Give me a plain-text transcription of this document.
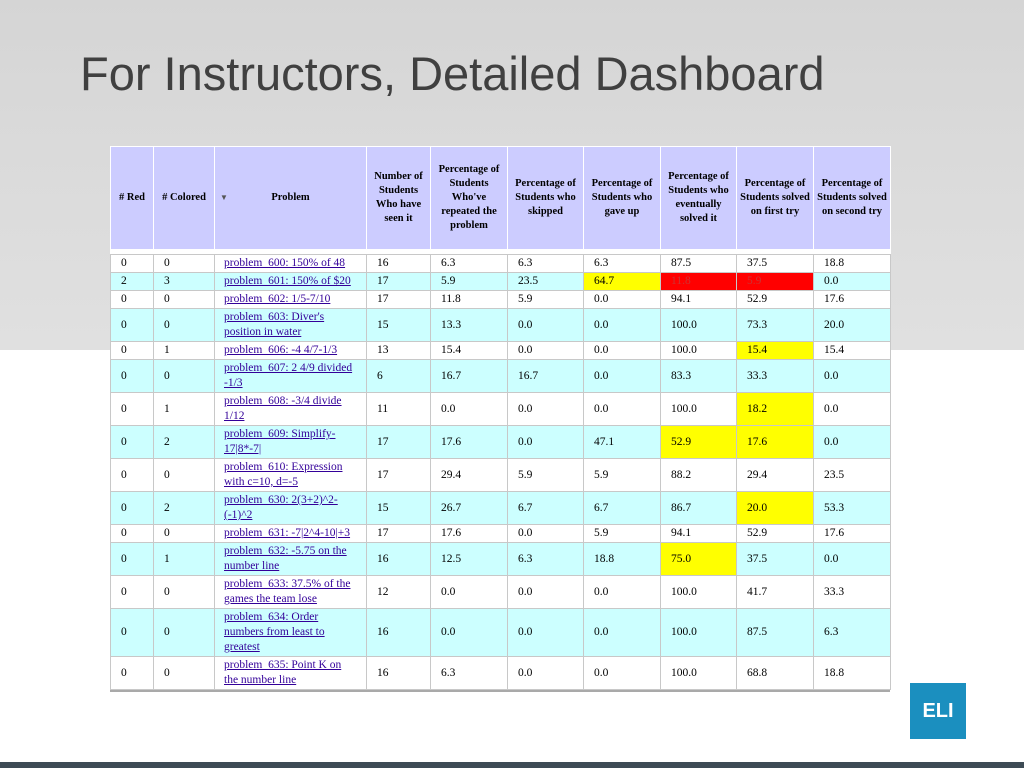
For Instructors, Detailed Dashboard
# Red	# Colored	▼ Problem	Number of Students Who have seen it	Percentage of Students Who've repeated the problem	Percentage of Students who skipped	Percentage of Students who gave up	Percentage of Students who eventually solved it	Percentage of Students solved on first try	Percentage of Students solved on second try

0	0	problem_600: 150% of 48	16	6.3	6.3	6.3	87.5	37.5	18.8
2	3	problem_601: 150% of $20	17	5.9	23.5	64.7	11.8	5.9	0.0
0	0	problem_602: 1/5-7/10	17	11.8	5.9	0.0	94.1	52.9	17.6
0	0	problem_603: Diver's position in water	15	13.3	0.0	0.0	100.0	73.3	20.0
0	1	problem_606: -4 4/7-1/3	13	15.4	0.0	0.0	100.0	15.4	15.4
0	0	problem_607: 2 4/9 divided -1/3	6	16.7	16.7	0.0	83.3	33.3	0.0
0	1	problem_608: -3/4 divide 1/12	11	0.0	0.0	0.0	100.0	18.2	0.0
0	2	problem_609: Simplify-17|8*-7|	17	17.6	0.0	47.1	52.9	17.6	0.0
0	0	problem_610: Expression with c=10, d=-5	17	29.4	5.9	5.9	88.2	29.4	23.5
0	2	problem_630: 2(3+2)^2-(-1)^2	15	26.7	6.7	6.7	86.7	20.0	53.3
0	0	problem_631: -7|2^4-10|+3	17	17.6	0.0	5.9	94.1	52.9	17.6
0	1	problem_632: -5.75 on the number line	16	12.5	6.3	18.8	75.0	37.5	0.0
0	0	problem_633: 37.5% of the games the team lose	12	0.0	0.0	0.0	100.0	41.7	33.3
0	0	problem_634: Order numbers from least to greatest	16	0.0	0.0	0.0	100.0	87.5	6.3
0	0	problem_635: Point K on the number line	16	6.3	0.0	0.0	100.0	68.8	18.8
ELI
